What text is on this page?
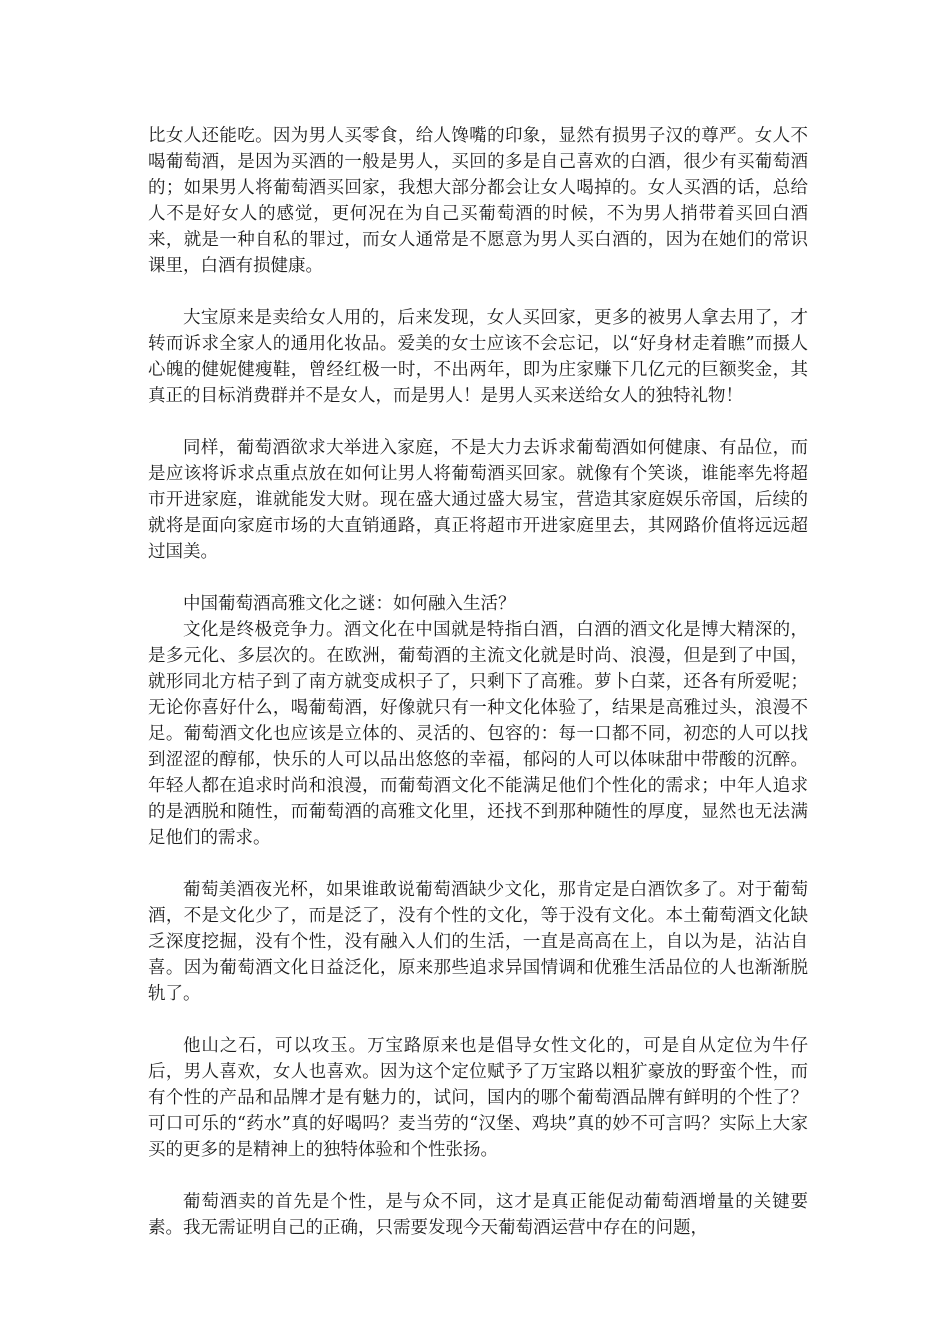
比女人还能吃。因为男人买零食，给人馋嘴的印象，显然有损男子汉的尊严。女人不喝葡萄酒，是因为买酒的一般是男人，买回的多是自己喜欢的白酒，很少有买葡萄酒的；如果男人将葡萄酒买回家，我想大部分都会让女人喝掉的。女人买酒的话，总给人不是好女人的感觉，更何况在为自己买葡萄酒的时候，不为男人捎带着买回白酒来，就是一种自私的罪过，而女人通常是不愿意为男人买白酒的，因为在她们的常识课里，白酒有损健康。

大宝原来是卖给女人用的，后来发现，女人买回家，更多的被男人拿去用了，才转而诉求全家人的通用化妆品。爱美的女士应该不会忘记，以“好身材走着瞧”而摄人心魄的健妮健瘦鞋，曾经红极一时，不出两年，即为庄家赚下几亿元的巨额奖金，其真正的目标消费群并不是女人，而是男人！是男人买来送给女人的独特礼物！

同样，葡萄酒欲求大举进入家庭，不是大力去诉求葡萄酒如何健康、有品位，而是应该将诉求点重点放在如何让男人将葡萄酒买回家。就像有个笑谈，谁能率先将超市开进家庭，谁就能发大财。现在盛大通过盛大易宝，营造其家庭娱乐帝国，后续的就将是面向家庭市场的大直销通路，真正将超市开进家庭里去，其网路价值将远远超过国美。

中国葡萄酒高雅文化之谜：如何融入生活？

文化是终极竞争力。酒文化在中国就是特指白酒，白酒的酒文化是博大精深的，是多元化、多层次的。在欧洲，葡萄酒的主流文化就是时尚、浪漫，但是到了中国，就形同北方桔子到了南方就变成枳子了，只剩下了高雅。萝卜白菜，还各有所爱呢；无论你喜好什么，喝葡萄酒，好像就只有一种文化体验了，结果是高雅过头，浪漫不足。葡萄酒文化也应该是立体的、灵活的、包容的：每一口都不同，初恋的人可以找到涩涩的醇郁，快乐的人可以品出悠悠的幸福，郁闷的人可以体味甜中带酸的沉醉。年轻人都在追求时尚和浪漫，而葡萄酒文化不能满足他们个性化的需求；中年人追求的是洒脱和随性，而葡萄酒的高雅文化里，还找不到那种随性的厚度，显然也无法满足他们的需求。

葡萄美酒夜光杯，如果谁敢说葡萄酒缺少文化，那肯定是白酒饮多了。对于葡萄酒，不是文化少了，而是泛了，没有个性的文化，等于没有文化。本土葡萄酒文化缺乏深度挖掘，没有个性，没有融入人们的生活，一直是高高在上，自以为是，沾沾自喜。因为葡萄酒文化日益泛化，原来那些追求异国情调和优雅生活品位的人也渐渐脱轨了。

他山之石，可以攻玉。万宝路原来也是倡导女性文化的，可是自从定位为牛仔后，男人喜欢，女人也喜欢。因为这个定位赋予了万宝路以粗犷豪放的野蛮个性，而有个性的产品和品牌才是有魅力的，试问，国内的哪个葡萄酒品牌有鲜明的个性了？可口可乐的“药水”真的好喝吗？麦当劳的“汉堡、鸡块”真的妙不可言吗？实际上大家买的更多的是精神上的独特体验和个性张扬。

葡萄酒卖的首先是个性，是与众不同，这才是真正能促动葡萄酒增量的关键要素。我无需证明自己的正确，只需要发现今天葡萄酒运营中存在的问题，
